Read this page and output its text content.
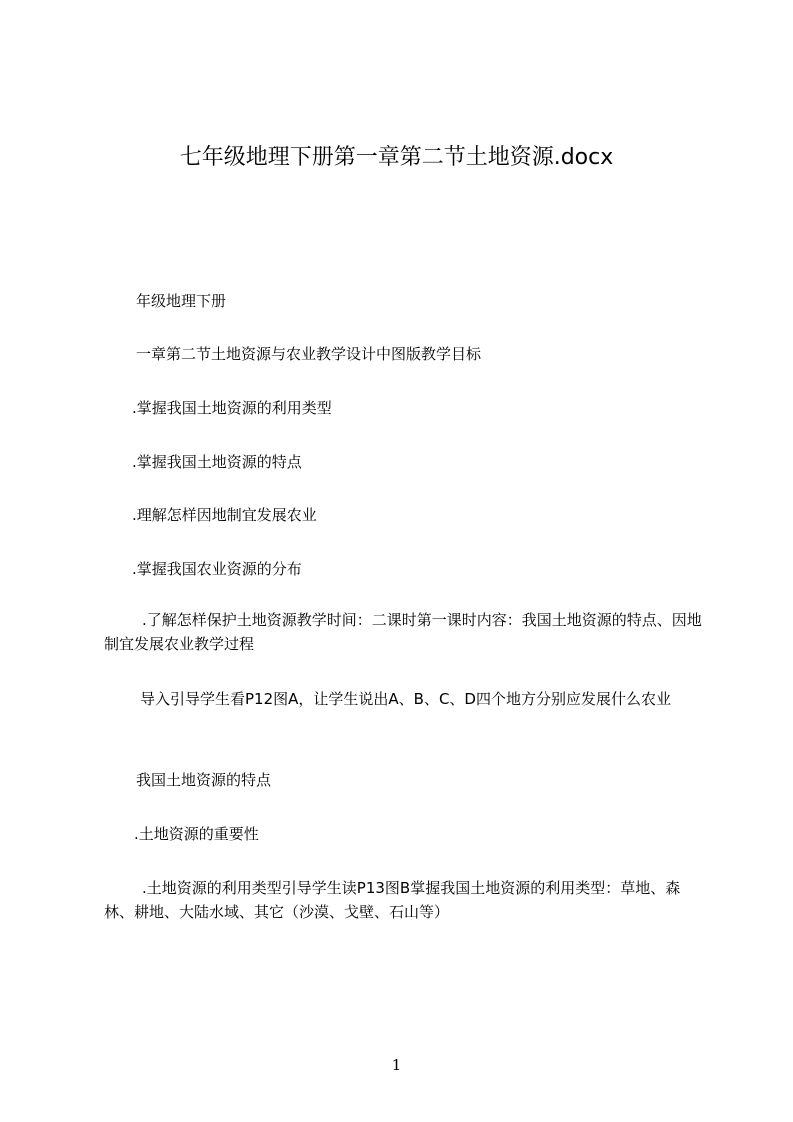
七年级地理下册第一章第二节土地资源.docx

年级地理下册

一章第二节土地资源与农业教学设计中图版教学目标

.掌握我国土地资源的利用类型

.掌握我国土地资源的特点

.理解怎样因地制宜发展农业

.掌握我国农业资源的分布

.了解怎样保护土地资源教学时间：二课时第一课时内容：我国土地资源的特点、因地制宜发展农业教学过程

导入引导学生看P12图A，让学生说出A、B、C、D四个地方分别应发展什么农业

我国土地资源的特点

.土地资源的重要性

.土地资源的利用类型引导学生读P13图B掌握我国土地资源的利用类型：草地、森林、耕地、大陆水域、其它（沙漠、戈壁、石山等）

1
